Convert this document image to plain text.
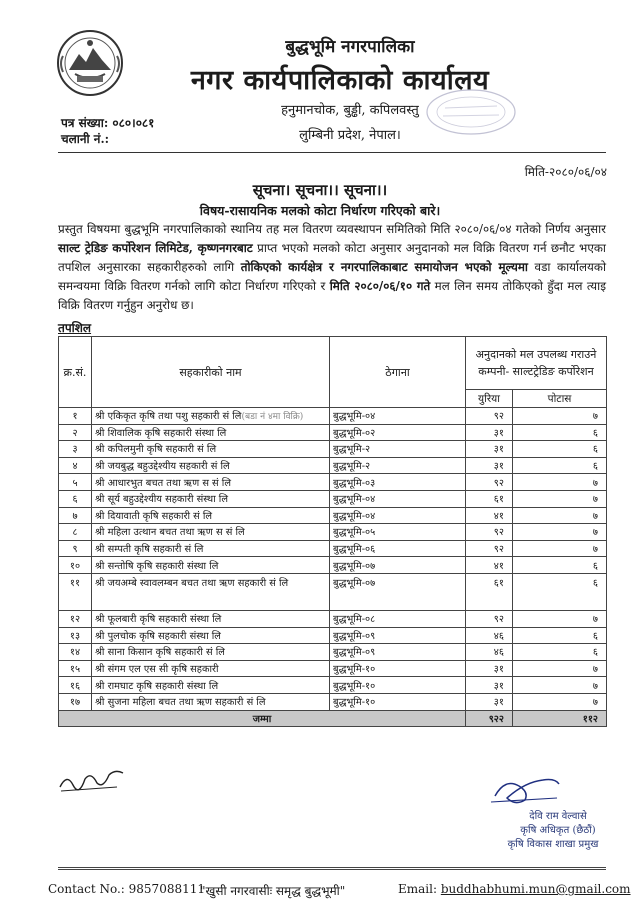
बुद्धभूमि नगरपालिका
नगर कार्यपालिकाको कार्यालय
हनुमानचोक, बुड्ढी, कपिलवस्तु
लुम्बिनी प्रदेश, नेपाल।
पत्र संख्या: ०८०।०८१
चलानी नं.:
मिति-२०८०/०६/०४
सूचना। सूचना।। सूचना।।
विषय-रासायनिक मलको कोटा निर्धारण गरिएको बारे।
प्रस्तुत विषयमा बुद्धभूमि नगरपालिकाको स्थानिय तह मल वितरण व्यवस्थापन समितिको मिति २०८०/०६/०४ गतेको निर्णय अनुसार साल्ट ट्रेडिङ कर्पोरेशन लिमिटेड, कृष्णनगरबाट प्राप्त भएको मलको कोटा अनुसार अनुदानको मल विक्रि वितरण गर्न छनौट भएका तपशिल अनुसारका सहकारीहरुको लागि तोकिएको कार्यक्षेत्र र नगरपालिकाबाट समायोजन भएको मूल्यमा वडा कार्यालयको समन्वयमा विक्रि वितरण गर्नको लागि कोटा निर्धारण गरिएको र मिति २०८०/०६/१० गते मल लिन समय तोकिएको हुँदा मल त्याइ विक्रि वितरण गर्नुहुन अनुरोध छ।
तपशिल
क्र.सं.	सहकारीको नाम	ठेगाना	अनुदानको मल उपलब्ध गराउने कम्पनी- साल्टट्रेडिङ कर्पोरेशन	
			युरिया	पोटास
१	श्री एकिकृत कृषि तथा पशु सहकारी सं लि(बडा नं ४मा विक्रि)	बुद्धभूमि-०४	९२	७
२	श्री शिवालिक कृषि सहकारी संस्था लि	बुद्धभूमि-०२	३१	६
३	श्री कपिलमुनी कृषि सहकारी सं लि	बुद्धभूमि-२	३१	६
४	श्री जयबुद्ध बहुउद्देश्यीय सहकारी सं लि	बुद्धभूमि-२	३१	६
५	श्री आधारभुत बचत तथा ऋण स सं लि	बुद्धभूमि-०३	९२	७
६	श्री सूर्य बहुउद्देश्यीय सहकारी संस्था लि	बुद्धभूमि-०४	६१	७
७	श्री दियावाती कृषि सहकारी सं लि	बुद्धभूमि-०४	४१	७
८	श्री महिला उत्थान बचत तथा ऋण स सं लि	बुद्धभूमि-०५	९२	७
९	श्री सम्पती कृषि सहकारी सं लि	बुद्धभूमि-०६	९२	७
१०	श्री सन्तोषि कृषि सहकारी संस्था लि	बुद्धभूमि-०७	४१	६
११	श्री जयअम्बे स्वावलम्बन बचत तथा ऋण सहकारी सं लि	बुद्धभूमि-०७	६१	६
१२	श्री फूलबारी कृषि सहकारी संस्था लि	बुद्धभूमि-०८	९२	७
१३	श्री पुलचोक कृषि सहकारी संस्था लि	बुद्धभूमि-०९	४६	६
१४	श्री साना किसान कृषि सहकारी सं लि	बुद्धभूमि-०९	४६	६
१५	श्री संगम एल एस सी कृषि सहकारी	बुद्धभूमि-१०	३१	७
१६	श्री रामघाट कृषि सहकारी संस्था लि	बुद्धभूमि-१०	३१	७
१७	श्री सुजना महिला बचत तथा ऋण सहकारी सं लि	बुद्धभूमि-१०	३१	७
जम्मा			९२२	११२
देवि राम वेल्वासे
कृषि अधिकृत (छैठौं)
कृषि विकास शाखा प्रमुख
Contact No.: 9857088111
"खुसी नगरवासीः समृद्ध बुद्धभूमी"	Email: buddhabhumi.mun@gmail.com
